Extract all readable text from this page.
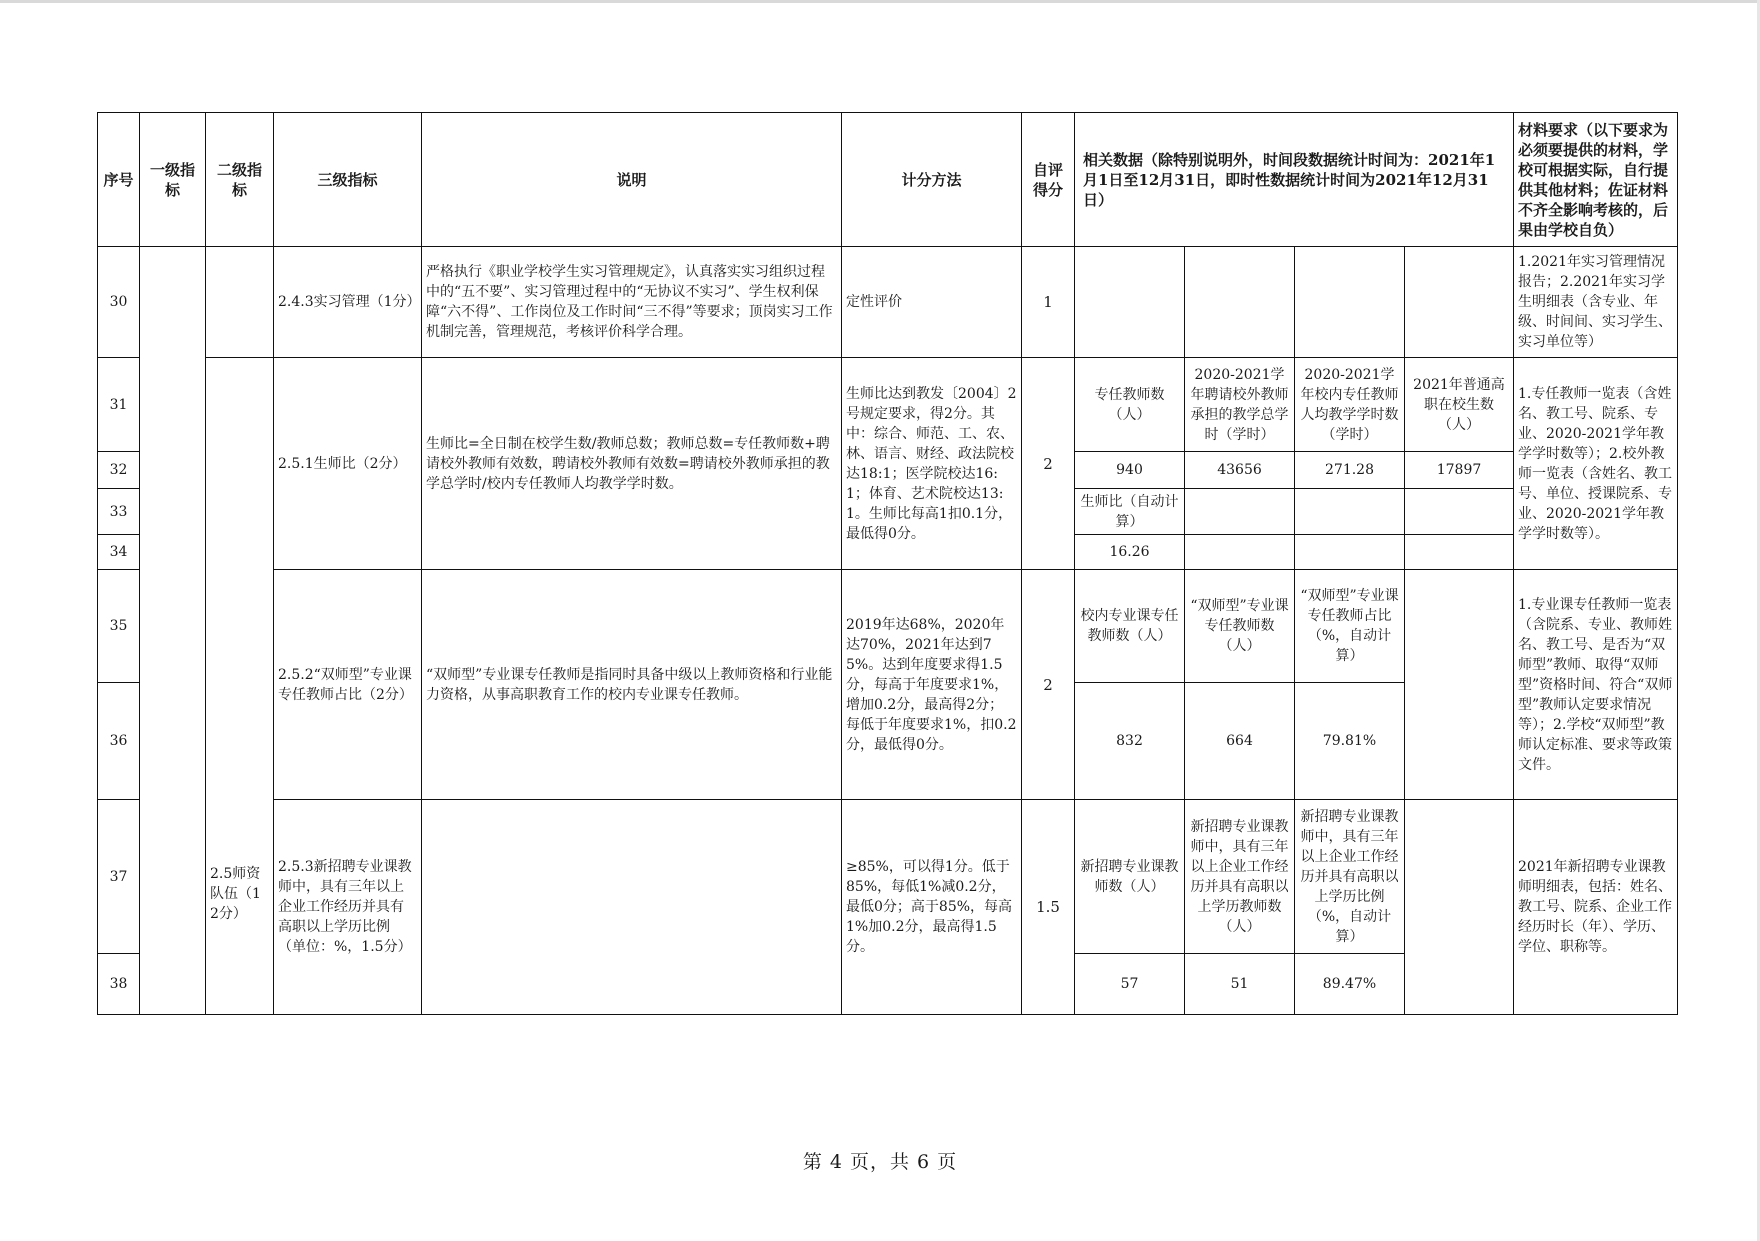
序号	一级指标	二级指标	三级指标	说明	计分方法	自评得分	相关数据（除特别说明外，时间段数据统计时间为：2021年1月1日至12月31日，即时性数据统计时间为2021年12月31日）				材料要求（以下要求为必须要提供的材料，学校可根据实际，自行提供其他材料；佐证材料不齐全影响考核的，后果由学校自负）
30			2.4.3实习管理（1分）	严格执行《职业学校学生实习管理规定》，认真落实实习组织过程中的“五不要”、实习管理过程中的“无协议不实习”、学生权利保障“六不得”、工作岗位及工作时间“三不得”等要求；顶岗实习工作机制完善，管理规范，考核评价科学合理。	定性评价	1					1.2021年实习管理情况报告；2.2021年实习学生明细表（含专业、年级、时间间、实习学生、实习单位等）
31		2.5师资队伍（12分）	2.5.1生师比（2分）	生师比=全日制在校学生数/教师总数；教师总数=专任教师数+聘请校外教师有效数，聘请校外教师有效数=聘请校外教师承担的教学总学时/校内专任教师人均教学学时数。	生师比达到教发〔2004〕2号规定要求，得2分。其中：综合、师范、工、农、林、语言、财经、政法院校达18:1；医学院校达16:1；体育、艺术院校达13:1。生师比每高1扣0.1分，最低得0分。	2	专任教师数（人）	2020-2021学年聘请校外教师承担的教学总学时（学时）	2020-2021学年校内专任教师人均教学学时数（学时）	2021年普通高职在校生数（人）	1.专任教师一览表（含姓名、教工号、院系、专业、2020-2021学年教学学时数等）；2.校外教师一览表（含姓名、教工号、单位、授课院系、专业、2020-2021学年教学学时数等）。
32							940	43656	271.28	17897	
33							生师比（自动计算）				
34							16.26				
35			2.5.2“双师型”专业课专任教师占比（2分）	“双师型”专业课专任教师是指同时具备中级以上教师资格和行业能力资格，从事高职教育工作的校内专业课专任教师。	2019年达68%，2020年达70%，2021年达到75%。达到年度要求得1.5分，每高于年度要求1%，增加0.2分，最高得2分；每低于年度要求1%，扣0.2分，最低得0分。	2	校内专业课专任教师数（人）	“双师型”专业课专任教师数（人）	“双师型”专业课专任教师占比（%，自动计算）		1.专业课专任教师一览表（含院系、专业、教师姓名、教工号、是否为“双师型”教师、取得“双师型”资格时间、符合“双师型”教师认定要求情况等）；2.学校“双师型”教师认定标准、要求等政策文件。
36							832	664	79.81%		
37			2.5.3新招聘专业课教师中，具有三年以上企业工作经历并具有高职以上学历比例（单位：%，1.5分）		≥85%，可以得1分。低于85%，每低1%减0.2分，最低0分；高于85%，每高1%加0.2分，最高得1.5分。	1.5	新招聘专业课教师数（人）	新招聘专业课教师中，具有三年以上企业工作经历并具有高职以上学历教师数（人）	新招聘专业课教师中，具有三年以上企业工作经历并具有高职以上学历比例（%，自动计算）		2021年新招聘专业课教师明细表，包括：姓名、教工号、院系、企业工作经历时长（年）、学历、学位、职称等。
38							57	51	89.47%		
第 4 页，共 6 页
